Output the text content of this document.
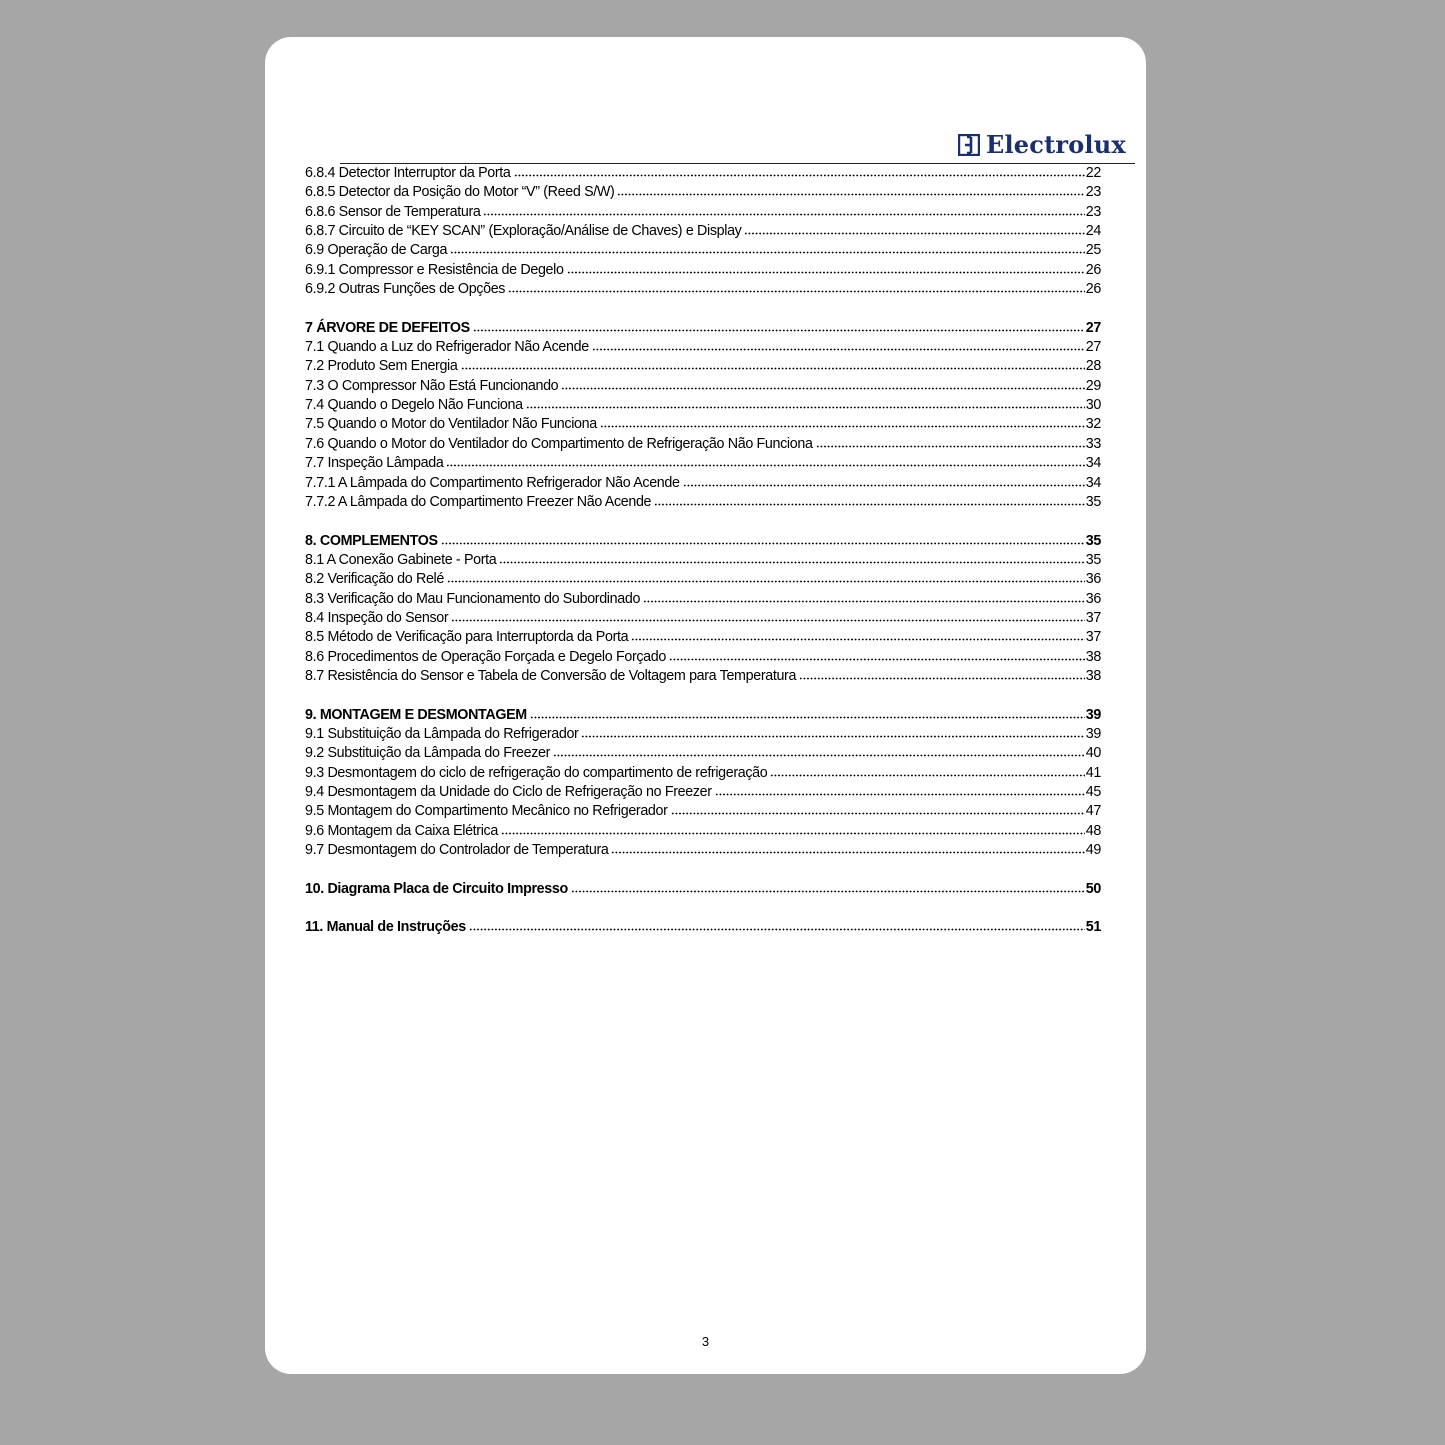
Electrolux
6.8.4 Detector Interruptor da Porta	22
6.8.5 Detector da Posição do Motor “V” (Reed S/W)	23
6.8.6 Sensor de Temperatura	23
6.8.7 Circuito de “KEY SCAN” (Exploração/Análise de Chaves) e Display	24
6.9 Operação de Carga	25
6.9.1 Compressor e Resistência de Degelo	26
6.9.2 Outras Funções de Opções	26
7 ÁRVORE DE DEFEITOS	27
7.1 Quando a Luz do Refrigerador Não Acende	27
7.2 Produto Sem Energia	28
7.3 O Compressor Não Está Funcionando	29
7.4 Quando o Degelo Não Funciona	30
7.5 Quando o Motor do Ventilador Não Funciona	32
7.6 Quando o Motor do Ventilador do Compartimento de Refrigeração Não Funciona	33
7.7 Inspeção Lâmpada	34
7.7.1 A Lâmpada do Compartimento Refrigerador Não Acende	34
7.7.2 A Lâmpada do Compartimento Freezer Não Acende	35
8. COMPLEMENTOS	35
8.1 A Conexão Gabinete - Porta	35
8.2 Verificação do Relé	36
8.3 Verificação do Mau Funcionamento do Subordinado	36
8.4 Inspeção do Sensor	37
8.5 Método de Verificação para Interruptorda da Porta	37
8.6 Procedimentos de Operação Forçada e Degelo Forçado	38
8.7 Resistência do Sensor e Tabela de Conversão de Voltagem para Temperatura	38
9. MONTAGEM E DESMONTAGEM	39
9.1 Substituição da Lâmpada do Refrigerador	39
9.2 Substituição da Lâmpada do Freezer	40
9.3 Desmontagem do ciclo de refrigeração do compartimento de refrigeração	41
9.4 Desmontagem da Unidade do Ciclo de Refrigeração no Freezer	45
9.5 Montagem do Compartimento Mecânico no Refrigerador	47
9.6 Montagem da Caixa Elétrica	48
9.7 Desmontagem do Controlador de Temperatura	49
10. Diagrama Placa de Circuito Impresso	50
11. Manual de Instruções	51
3
